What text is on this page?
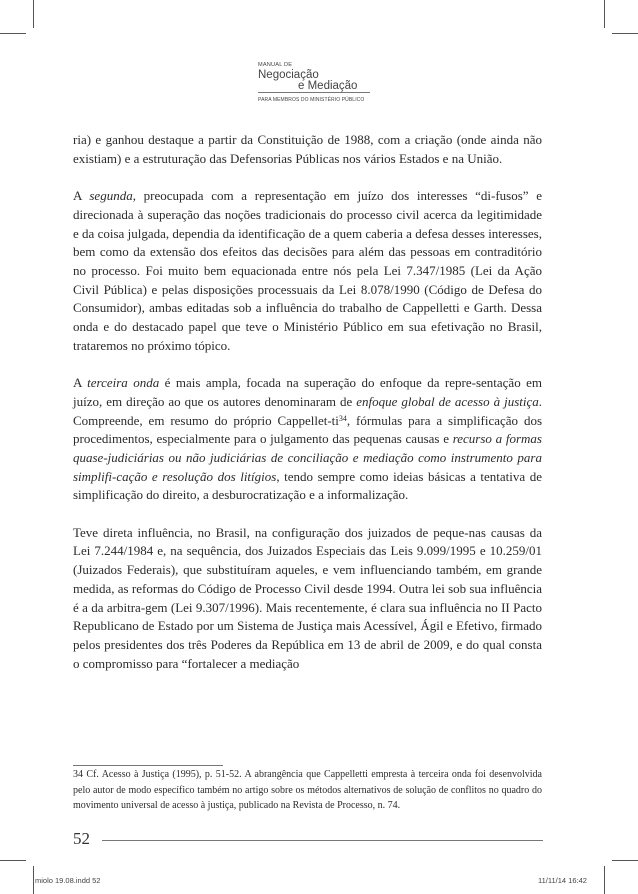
MANUAL DE
Negociação
e Mediação
PARA MEMBROS DO MINISTÉRIO PÚBLICO

ria) e ganhou destaque a partir da Constituição de 1988, com a criação (onde ainda não existiam) e a estruturação das Defensorias Públicas nos vários Estados e na União.

A segunda, preocupada com a representação em juízo dos interesses “di-fusos” e direcionada à superação das noções tradicionais do processo civil acerca da legitimidade e da coisa julgada, dependia da identificação de a quem caberia a defesa desses interesses, bem como da extensão dos efeitos das decisões para além das pessoas em contraditório no processo. Foi muito bem equacionada entre nós pela Lei 7.347/1985 (Lei da Ação Civil Pública) e pelas disposições processuais da Lei 8.078/1990 (Código de Defesa do Consumidor), ambas editadas sob a influência do trabalho de Cappelletti e Garth. Dessa onda e do destacado papel que teve o Ministério Público em sua efetivação no Brasil, trataremos no próximo tópico.

A terceira onda é mais ampla, focada na superação do enfoque da repre-sentação em juízo, em direção ao que os autores denominaram de enfoque global de acesso à justiça. Compreende, em resumo do próprio Cappellet-$ti^{34}$, fórmulas para a simplificação dos procedimentos, especialmente para o julgamento das pequenas causas e recurso a formas quase-judiciárias ou não judiciárias de conciliação e mediação como instrumento para simplifi-cação e resolução dos litígios, tendo sempre como ideias básicas a tentativa de simplificação do direito, a desburocratização e a informalização.

Teve direta influência, no Brasil, na configuração dos juizados de peque-nas causas da Lei 7.244/1984 e, na sequência, dos Juizados Especiais das Leis 9.099/1995 e 10.259/01 (Juizados Federais), que substituíram aqueles, e vem influenciando também, em grande medida, as reformas do Código de Processo Civil desde 1994. Outra lei sob sua influência é a da arbitra-gem (Lei 9.307/1996). Mais recentemente, é clara sua influência no II Pacto Republicano de Estado por um Sistema de Justiça mais Acessível, Ágil e Efetivo, firmado pelos presidentes dos três Poderes da República em 13 de abril de 2009, e do qual consta o compromisso para “fortalecer a mediação

34 Cf. Acesso à Justiça (1995), p. 51-52. A abrangência que Cappelletti empresta à terceira onda foi desenvolvida pelo autor de modo específico também no artigo sobre os métodos alternativos de solução de conflitos no quadro do movimento universal de acesso à justiça, publicado na Revista de Processo, n. 74.
52
miolo 19.08.indd 52	11/11/14 16:42
